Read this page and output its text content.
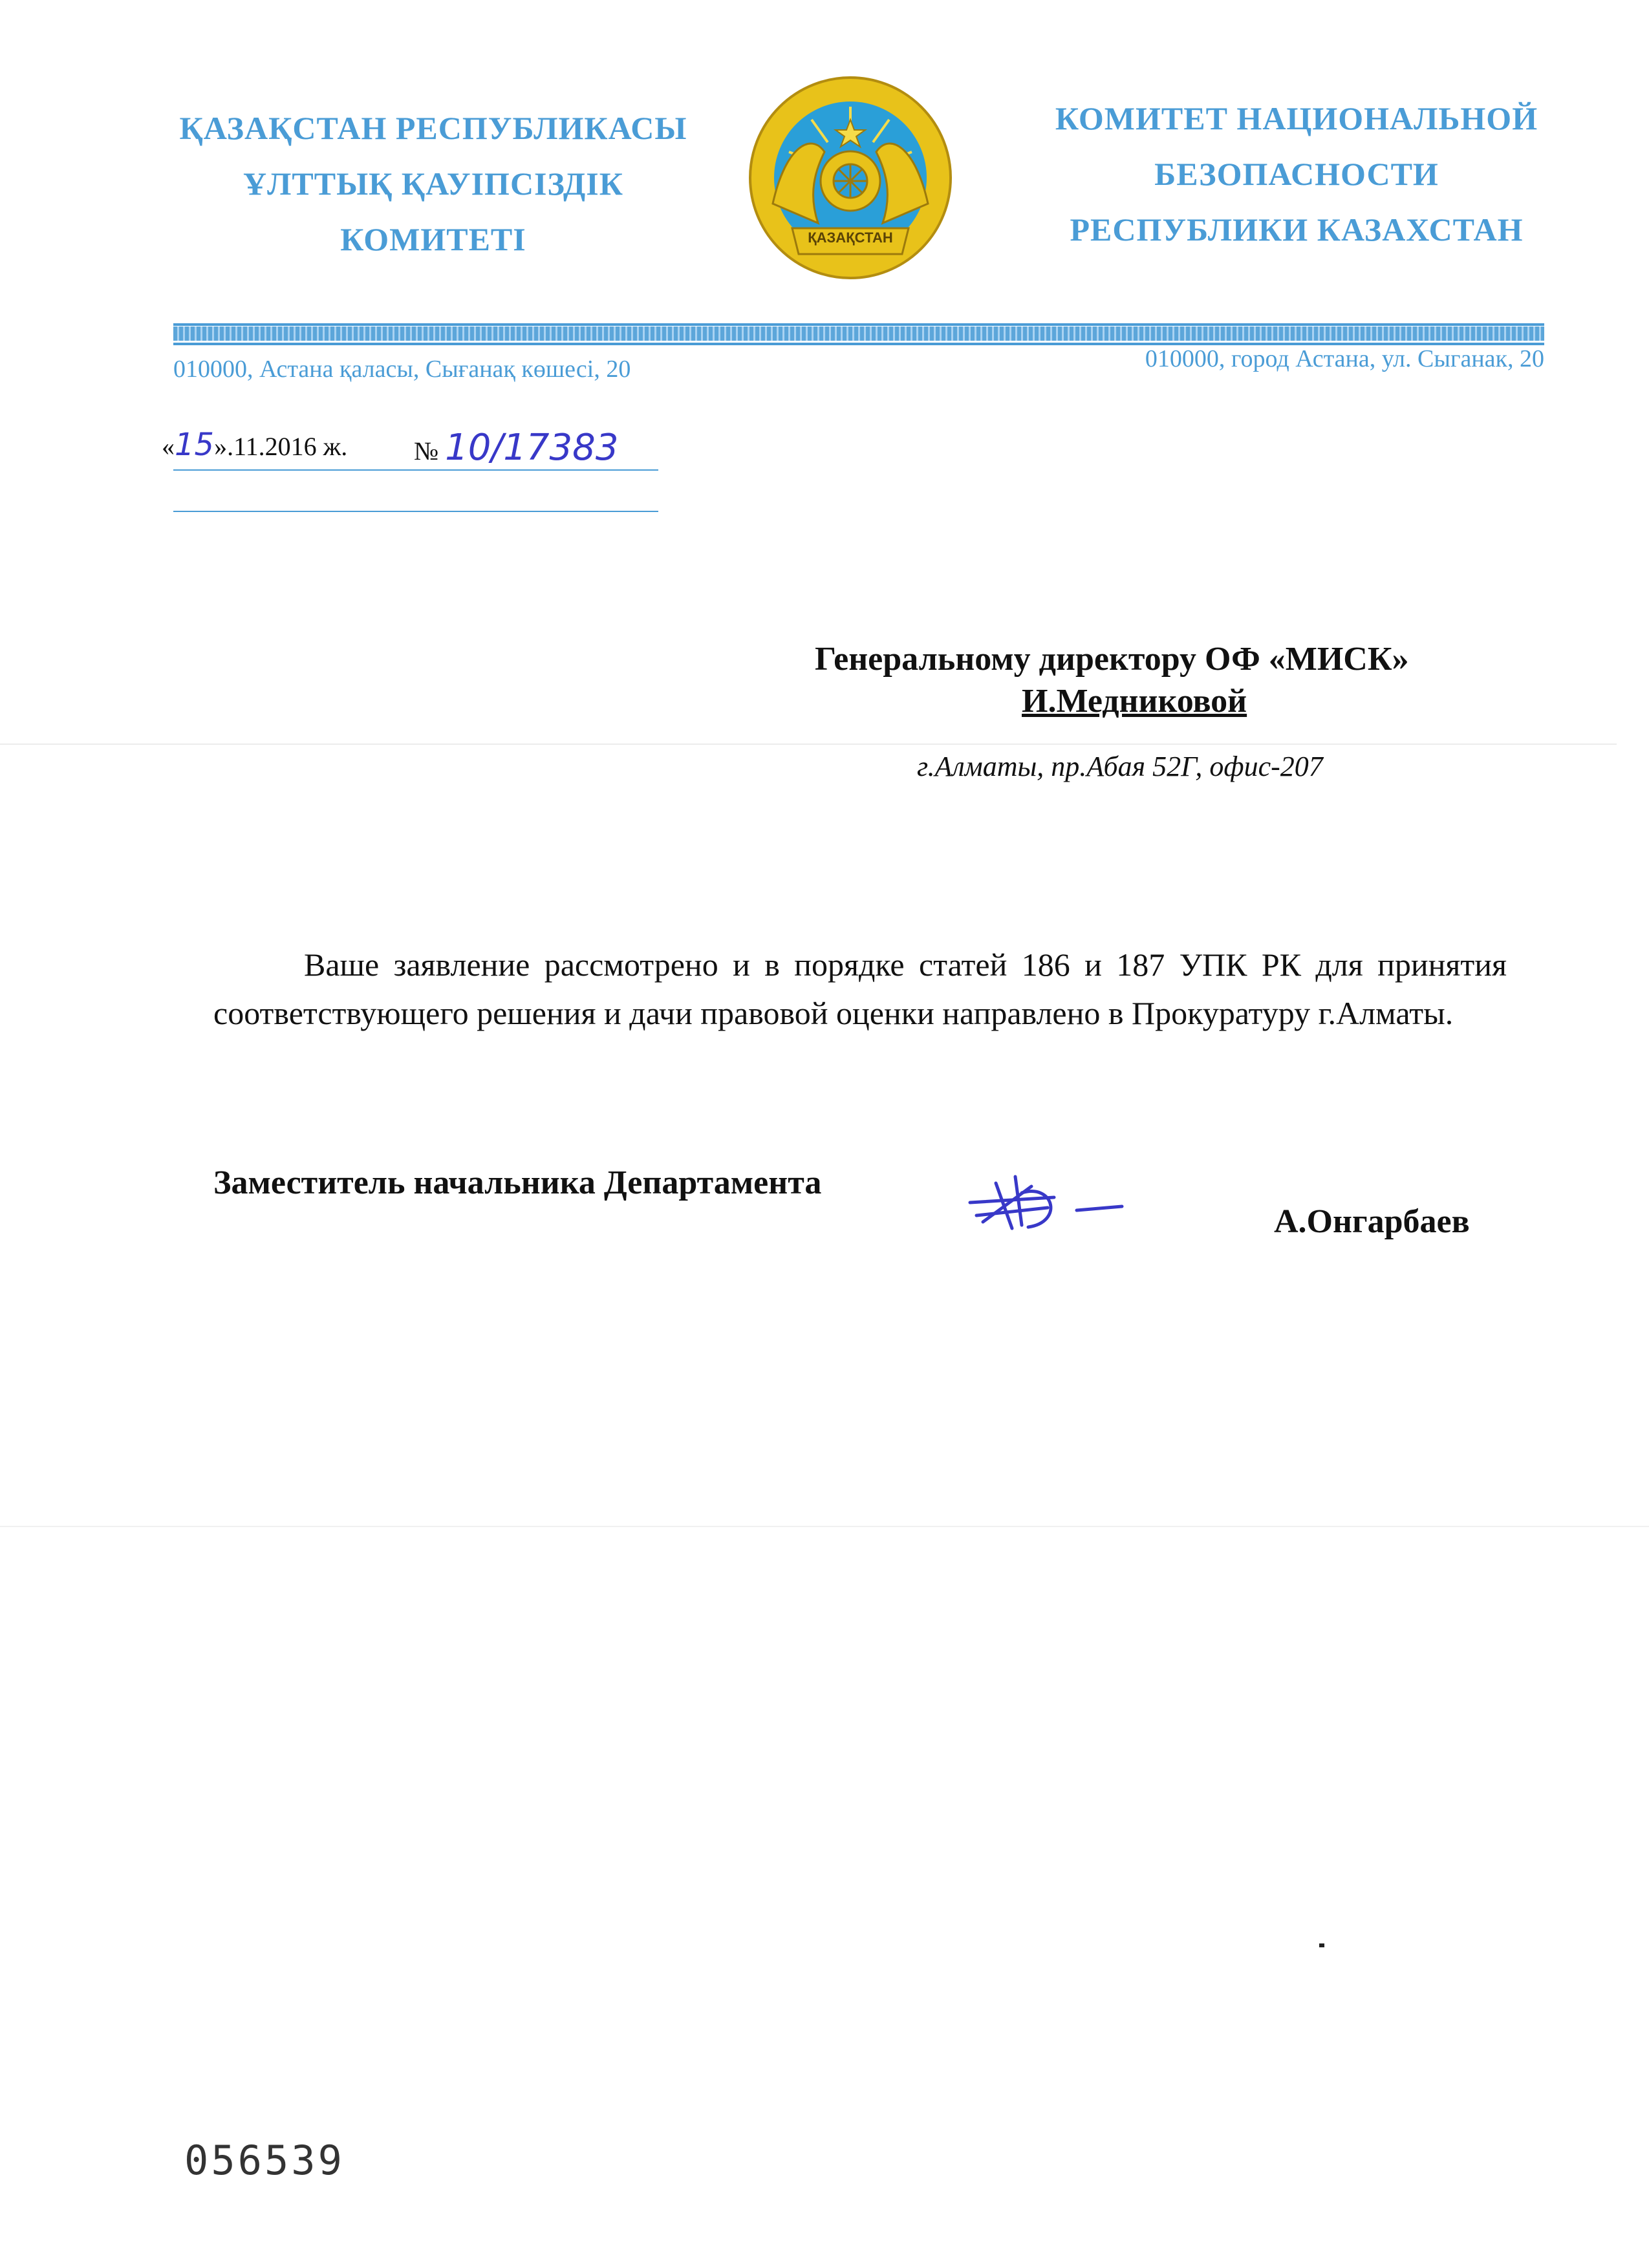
ҚАЗАҚСТАН РЕСПУБЛИКАСЫ
ҰЛТТЫҚ ҚАУІПСІЗДІК
КОМИТЕТІ	ҚАЗАҚСТАН
КОМИТЕТ НАЦИОНАЛЬНОЙ
БЕЗОПАСНОСТИ
РЕСПУБЛИКИ КАЗАХСТАН
010000, Астана қаласы, Сығанақ көшесі, 20	010000, город Астана, ул. Сыганак, 20
«15».11.2016 ж.	№ 10/17383
Генеральному директору ОФ «МИСК»
И.Медниковой
г.Алматы, пр.Абая 52Г, офис-207
Ваше заявление рассмотрено и в порядке статей 186 и 187 УПК РК для принятия соответствующего решения и дачи правовой оценки направлено в Прокуратуру г.Алматы.
Заместитель начальника Департамента
А.Онгарбаев
056539
